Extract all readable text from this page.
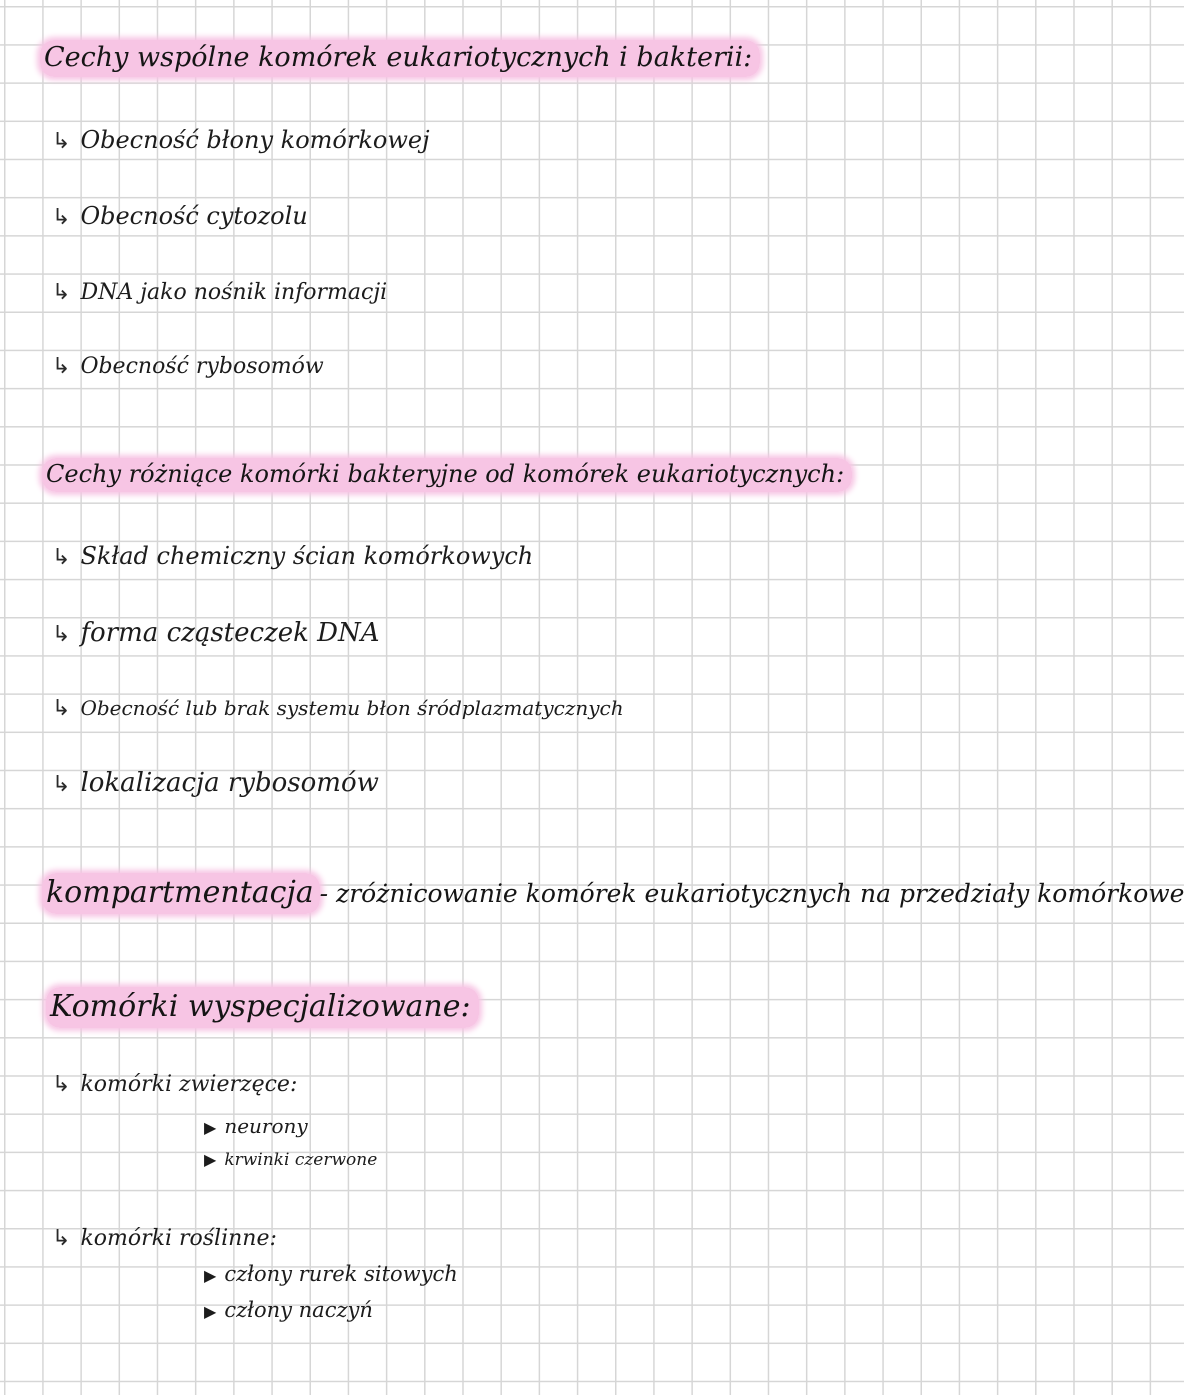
Cechy wspólne komórek eukariotycznych i bakterii:
↳ Obecność błony komórkowej
↳ Obecność cytozolu
↳ DNA jako nośnik informacji
↳ Obecność rybosomów
Cechy różniące komórki bakteryjne od komórek eukariotycznych:
↳ Skład chemiczny ścian komórkowych
↳ forma cząsteczek DNA
↳ Obecność lub brak systemu błon śródplazmatycznych
↳ lokalizacja rybosomów
kompartmentacja - zróżnicowanie komórek eukariotycznych na przedziały komórkowe
Komórki wyspecjalizowane:
↳ komórki zwierzęce:
▶ neurony
▶ krwinki czerwone
↳ komórki roślinne:
▶ człony rurek sitowych
▶ człony naczyń
